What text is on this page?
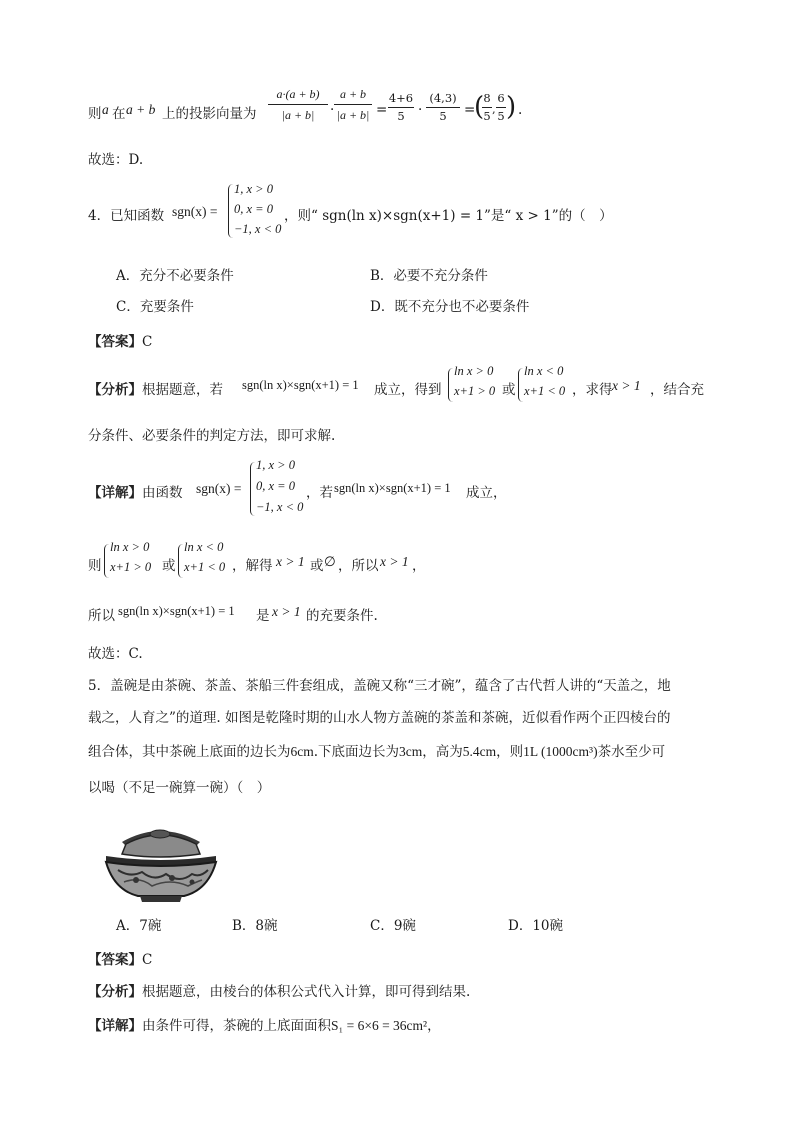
则 a 在 a + b 上的投影向量为
a·(a + b)
|a + b|	·
a + b
$|a + b| = \frac{4+6}{5} \cdot \frac{(4,3)}{5}$ =
(
$\frac{8}{5}$ , $\frac{6}{5}$ ) .
故选：D.
4．已知函数 sgn(x) =
1, x > 0
0, x = 0
−1, x < 0
，则“ sgn(ln x)×sgn(x+1) = 1”是“ x > 1”的（　）
A．充分不必要条件	B．必要不充分条件
C．充要条件	D．既不充分也不必要条件
【答案】C
【分析】根据题意，若 sgn(ln x)×sgn(x+1) = 1 成立，得到
ln x > 0
x+1 > 0 或
ln x < 0
x+1 < 0 ，求得 x > 1 ，结合充
分条件、必要条件的判定方法，即可求解.
【详解】由函数 sgn(x) =
1, x > 0
0, x = 0
−1, x < 0
，若 sgn(ln x)×sgn(x+1) = 1 成立，
则
ln x > 0
x+1 > 0 或
ln x < 0
x+1 < 0 ，解得 x > 1 或 ∅ ，所以 x > 1 ，
所以 sgn(ln x)×sgn(x+1) = 1 是 x > 1 的充要条件.
故选：C.
5．盖碗是由茶碗、茶盖、茶船三件套组成，盖碗又称“三才碗”，蕴含了古代哲人讲的“天盖之，地
载之，人育之”的道理. 如图是乾隆时期的山水人物方盖碗的茶盖和茶碗，近似看作两个正四棱台的
组合体，其中茶碗上底面的边长为6cm.下底面边长为3cm，高为5.4cm，则1L (1000cm³)茶水至少可
以喝（不足一碗算一碗）（　）
A．7碗	B．8碗	C．9碗	D．10碗
【答案】C
【分析】根据题意，由棱台的体积公式代入计算，即可得到结果.
【详解】由条件可得，茶碗的上底面面积S₁ = 6×6 = 36cm²，
